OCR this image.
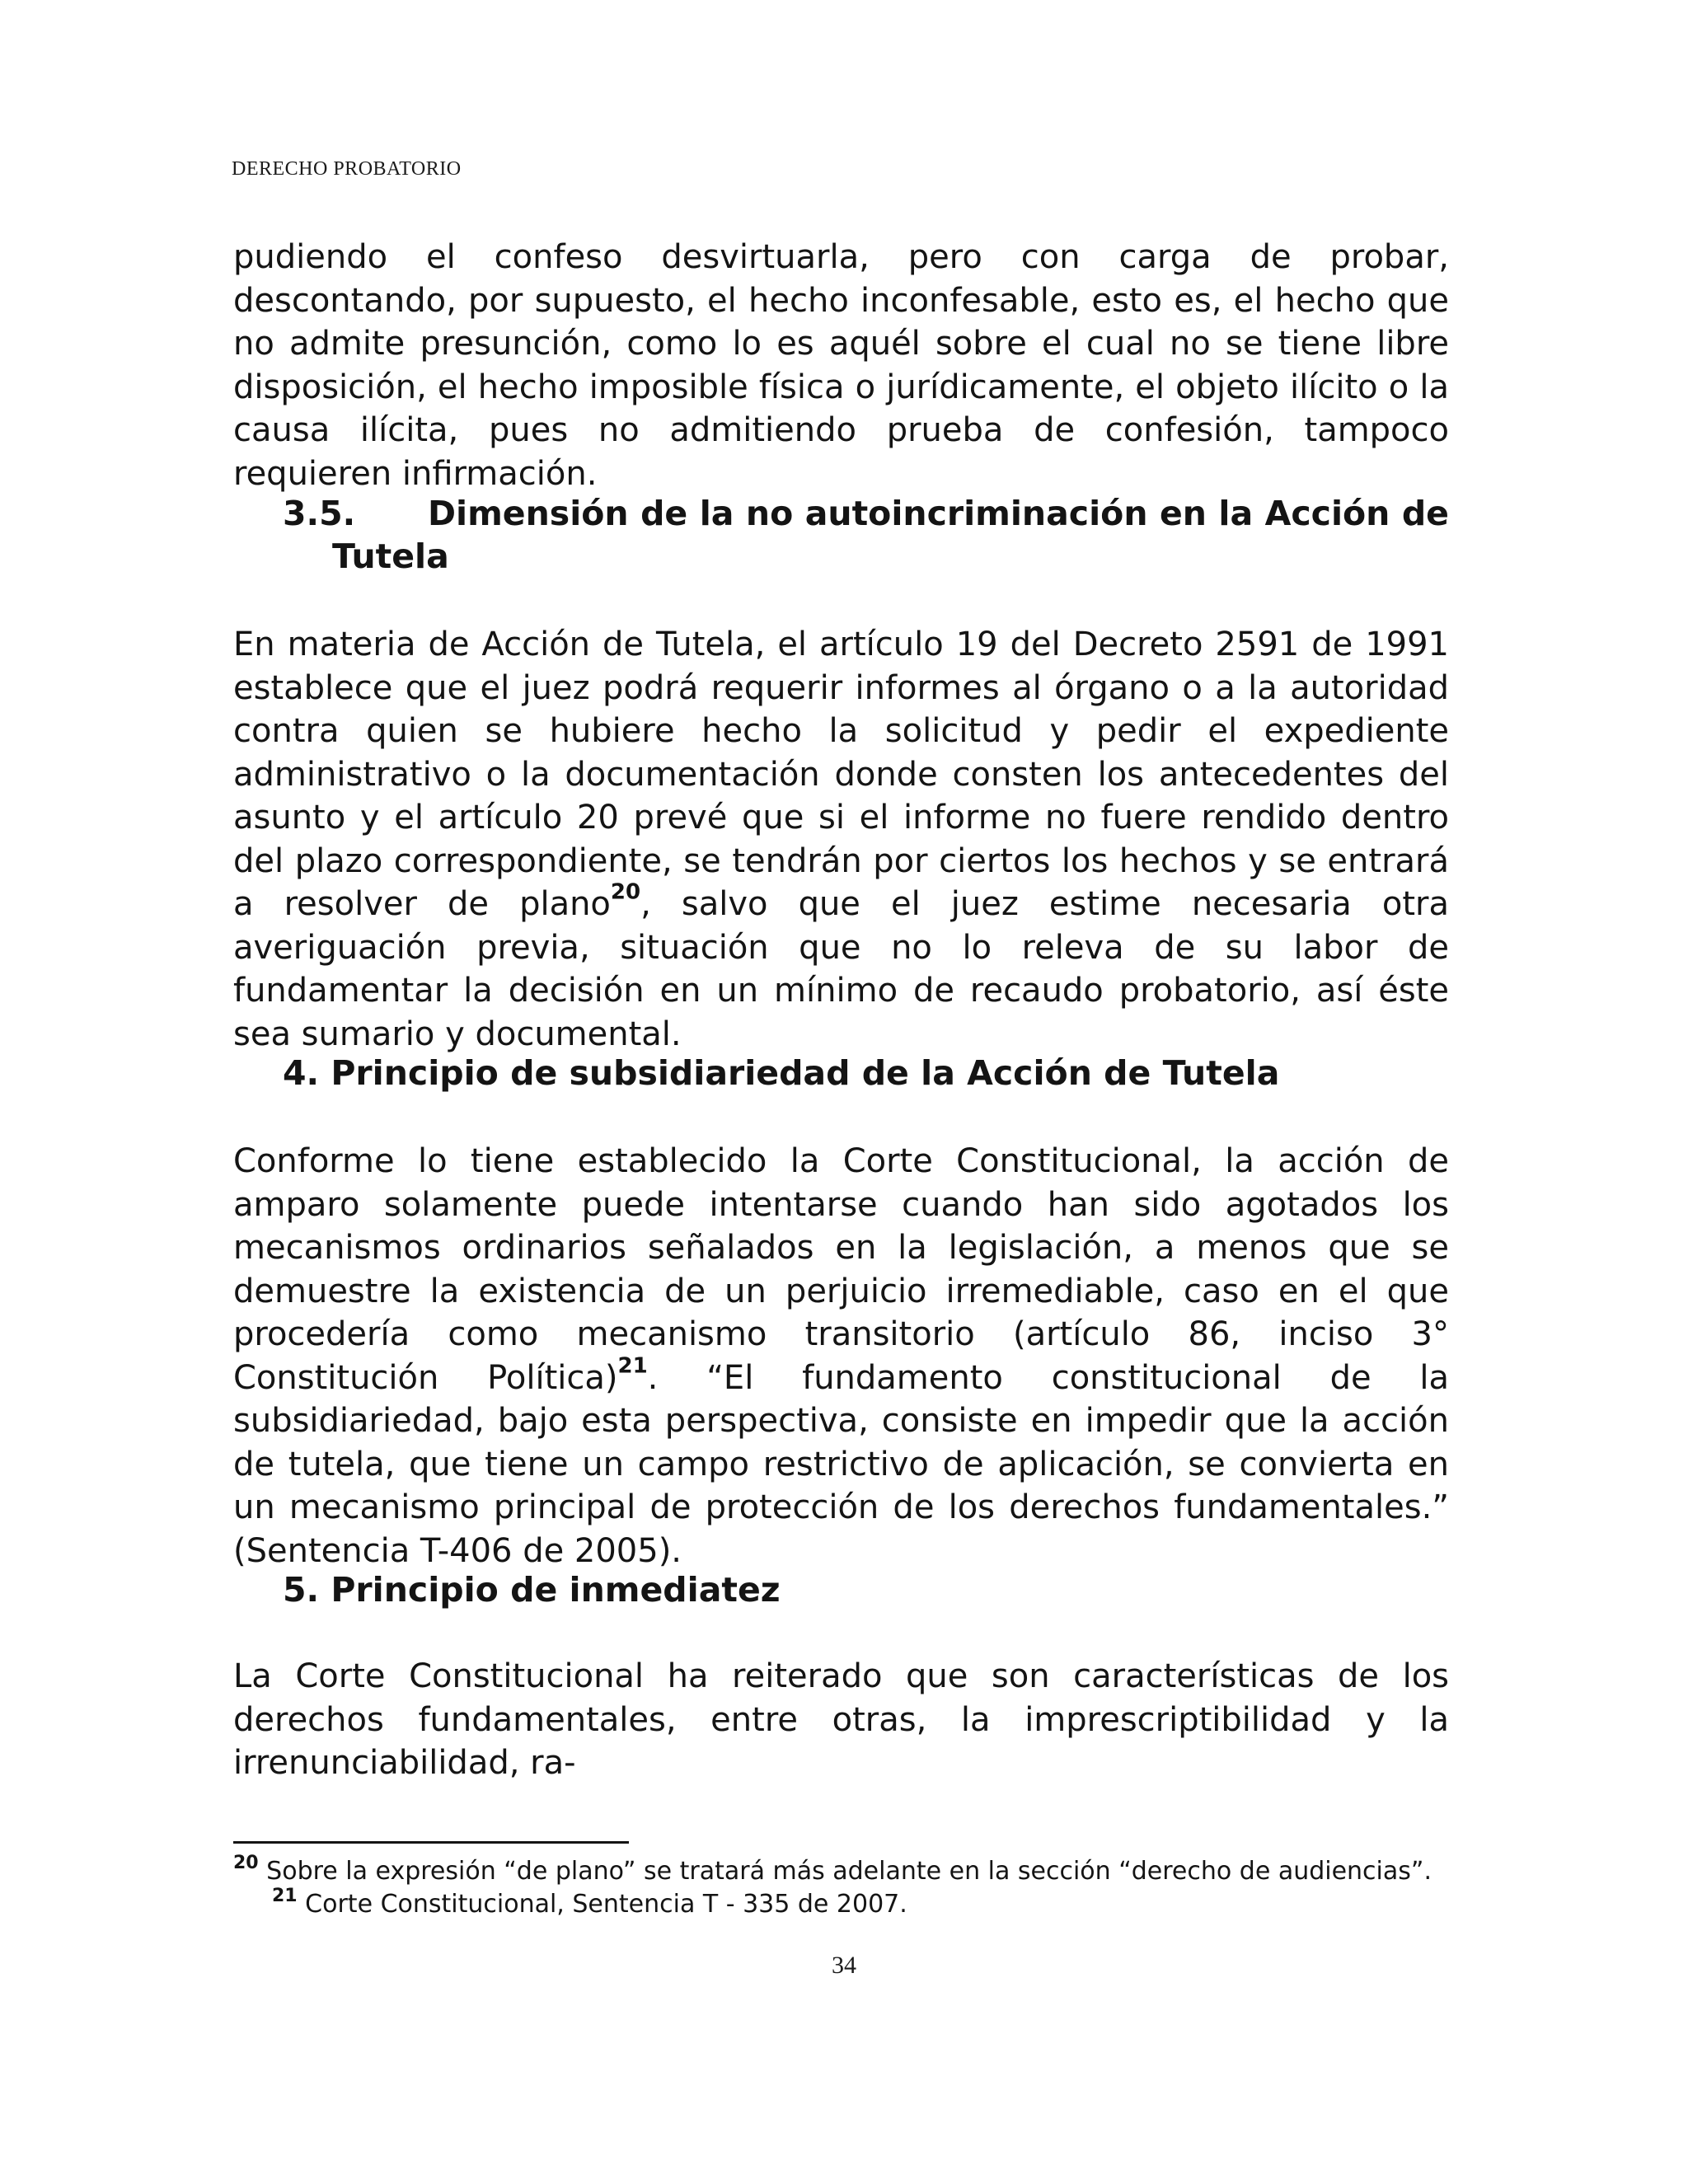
DERECHO PROBATORIO

pudiendo el confeso desvirtuarla, pero con carga de probar, descontando, por supuesto, el hecho inconfesable, esto es, el hecho que no admite presunción, como lo es aquél sobre el cual no se tiene libre disposición, el hecho imposible física o jurídicamente, el objeto ilícito o la causa ilícita, pues no admitiendo prueba de confesión, tampoco requieren infirmación.

3.5. Dimensión de la no autoincriminación en la Acción de
Tutela

En materia de Acción de Tutela, el artículo 19 del Decreto 2591 de 1991 establece que el juez podrá requerir informes al órgano o a la autoridad contra quien se hubiere hecho la solicitud y pedir el expediente administrativo o la documentación donde consten los antecedentes del asunto y el artículo 20 prevé que si el informe no fuere rendido dentro del plazo correspondiente, se tendrán por ciertos los hechos y se entrará a resolver de plano$^{20}$, salvo que el juez estime necesaria otra averiguación previa, situación que no lo releva de su labor de fundamentar la decisión en un mínimo de recaudo probatorio, así éste sea sumario y documental.

4. Principio de subsidiariedad de la Acción de Tutela

Conforme lo tiene establecido la Corte Constitucional, la acción de amparo solamente puede intentarse cuando han sido agotados los mecanismos ordinarios señalados en la legislación, a menos que se demuestre la existencia de un perjuicio irremediable, caso en el que procedería como mecanismo transitorio (artículo 86, inciso 3° Constitución Política)$^{21}$. “El fundamento constitucional de la subsidiariedad, bajo esta perspectiva, consiste en impedir que la acción de tutela, que tiene un campo restrictivo de aplicación, se convierta en un mecanismo principal de protección de los derechos fundamentales.” (Sentencia T-406 de 2005).

5. Principio de inmediatez

La Corte Constitucional ha reiterado que son características de los derechos fundamentales, entre otras, la imprescriptibilidad y la irrenunciabilidad, ra-

$^{20}$ Sobre la expresión “de plano” se tratará más adelante en la sección “derecho de audiencias”.
$^{21}$ Corte Constitucional, Sentencia T - 335 de 2007.
34
